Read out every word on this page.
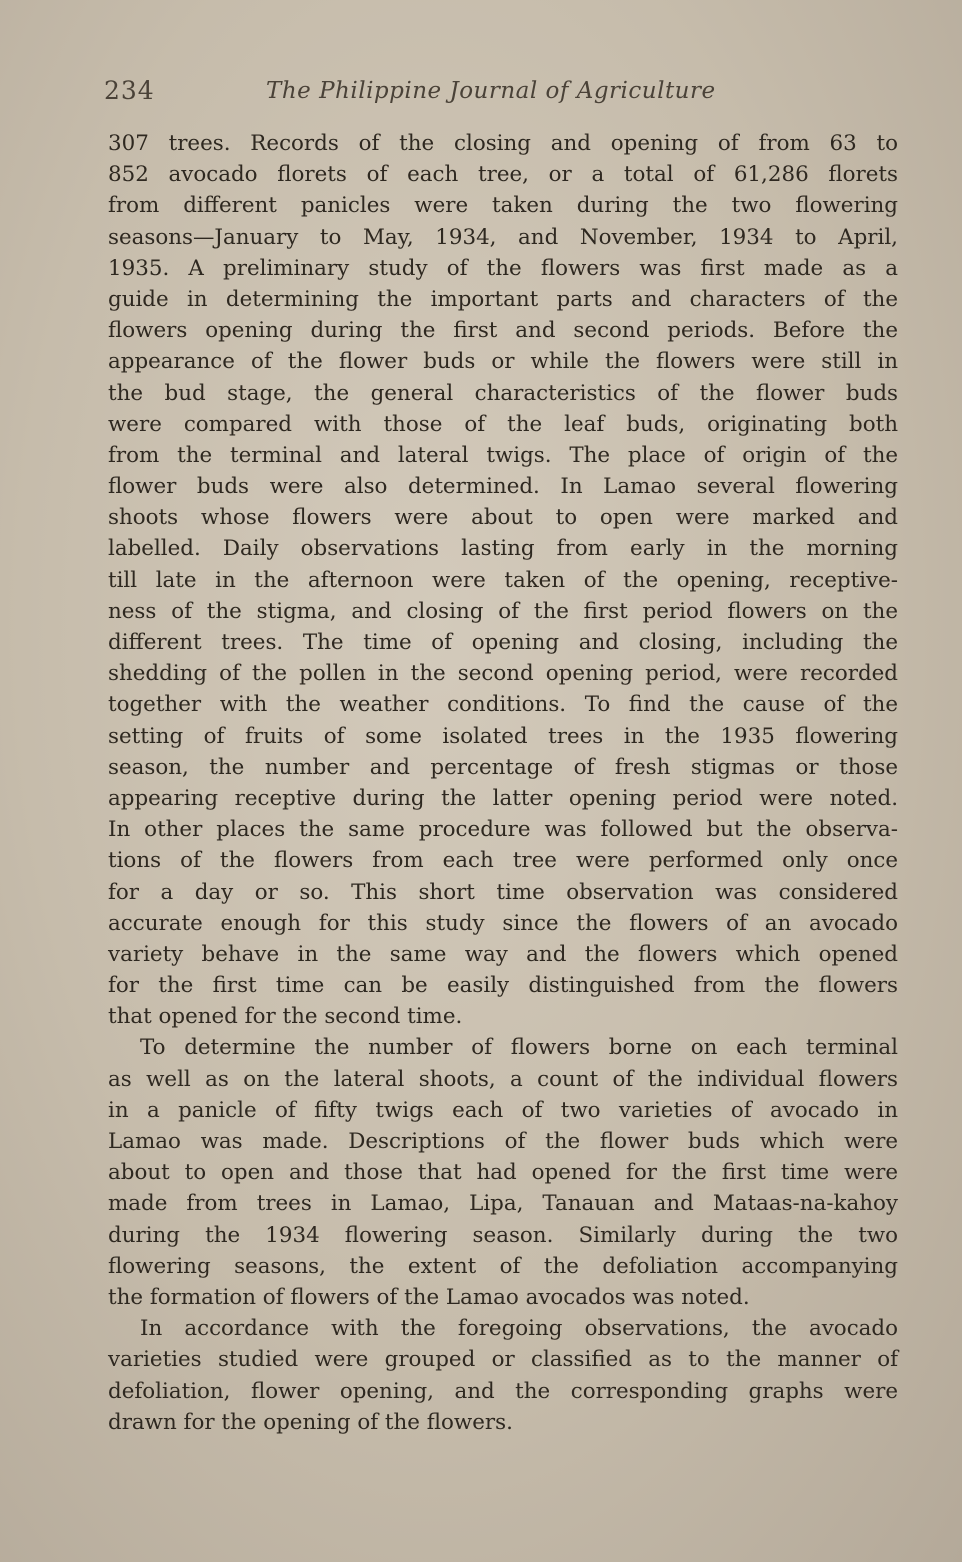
234	The Philippine Journal of Agriculture
307 trees. Records of the closing and opening of from 63 to
852 avocado florets of each tree, or a total of 61,286 florets
from different panicles were taken during the two flowering
seasons—January to May, 1934, and November, 1934 to April,
1935. A preliminary study of the flowers was first made as a
guide in determining the important parts and characters of the
flowers opening during the first and second periods. Before the
appearance of the flower buds or while the flowers were still in
the bud stage, the general characteristics of the flower buds
were compared with those of the leaf buds, originating both
from the terminal and lateral twigs. The place of origin of the
flower buds were also determined. In Lamao several flowering
shoots whose flowers were about to open were marked and
labelled. Daily observations lasting from early in the morning
till late in the afternoon were taken of the opening, receptive-
ness of the stigma, and closing of the first period flowers on the
different trees. The time of opening and closing, including the
shedding of the pollen in the second opening period, were recorded
together with the weather conditions. To find the cause of the
setting of fruits of some isolated trees in the 1935 flowering
season, the number and percentage of fresh stigmas or those
appearing receptive during the latter opening period were noted.
In other places the same procedure was followed but the observa-
tions of the flowers from each tree were performed only once
for a day or so. This short time observation was considered
accurate enough for this study since the flowers of an avocado
variety behave in the same way and the flowers which opened
for the first time can be easily distinguished from the flowers
that opened for the second time.
To determine the number of flowers borne on each terminal
as well as on the lateral shoots, a count of the individual flowers
in a panicle of fifty twigs each of two varieties of avocado in
Lamao was made. Descriptions of the flower buds which were
about to open and those that had opened for the first time were
made from trees in Lamao, Lipa, Tanauan and Mataas-na-kahoy
during the 1934 flowering season. Similarly during the two
flowering seasons, the extent of the defoliation accompanying
the formation of flowers of the Lamao avocados was noted.
In accordance with the foregoing observations, the avocado
varieties studied were grouped or classified as to the manner of
defoliation, flower opening, and the corresponding graphs were
drawn for the opening of the flowers.
